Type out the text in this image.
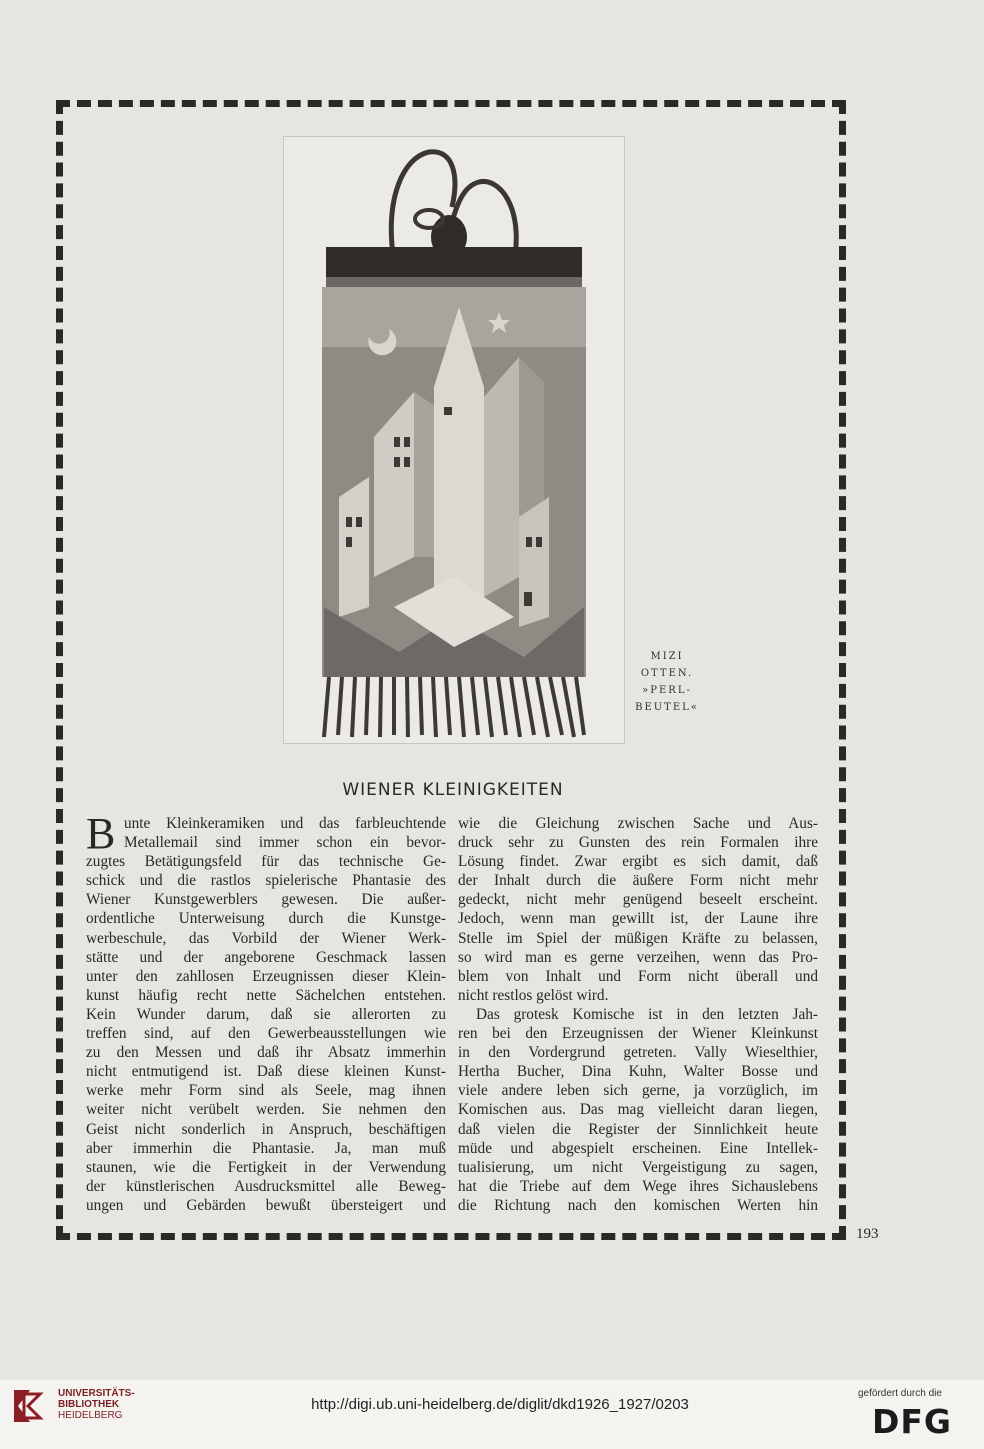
MIZI
OTTEN.
»PERL-
BEUTEL«
WIENER KLEINIGKEITEN
B unte Kleinkeramiken und das farbleuchtende
Metallemail sind immer schon ein bevor-
zugtes Betätigungsfeld für das technische Ge-
schick und die rastlos spielerische Phantasie des
Wiener Kunstgewerblers gewesen. Die außer-
ordentliche Unterweisung durch die Kunstge-
werbeschule, das Vorbild der Wiener Werk-
stätte und der angeborene Geschmack lassen
unter den zahllosen Erzeugnissen dieser Klein-
kunst häufig recht nette Sächelchen entstehen.
Kein Wunder darum, daß sie allerorten zu
treffen sind, auf den Gewerbeausstellungen wie
zu den Messen und daß ihr Absatz immerhin
nicht entmutigend ist. Daß diese kleinen Kunst-
werke mehr Form sind als Seele, mag ihnen
weiter nicht verübelt werden. Sie nehmen den
Geist nicht sonderlich in Anspruch, beschäftigen
aber immerhin die Phantasie. Ja, man muß
staunen, wie die Fertigkeit in der Verwendung
der künstlerischen Ausdrucksmittel alle Beweg-
ungen und Gebärden bewußt übersteigert und
wie die Gleichung zwischen Sache und Aus-
druck sehr zu Gunsten des rein Formalen ihre
Lösung findet. Zwar ergibt es sich damit, daß
der Inhalt durch die äußere Form nicht mehr
gedeckt, nicht mehr genügend beseelt erscheint.
Jedoch, wenn man gewillt ist, der Laune ihre
Stelle im Spiel der müßigen Kräfte zu belassen,
so wird man es gerne verzeihen, wenn das Pro-
blem von Inhalt und Form nicht überall und
nicht restlos gelöst wird.
Das grotesk Komische ist in den letzten Jah-
ren bei den Erzeugnissen der Wiener Kleinkunst
in den Vordergrund getreten. Vally Wieselthier,
Hertha Bucher, Dina Kuhn, Walter Bosse und
viele andere leben sich gerne, ja vorzüglich, im
Komischen aus. Das mag vielleicht daran liegen,
daß vielen die Register der Sinnlichkeit heute
müde und abgespielt erscheinen. Eine Intellek-
tualisierung, um nicht Vergeistigung zu sagen,
hat die Triebe auf dem Wege ihres Sichauslebens
die Richtung nach den komischen Werten hin
193
UNIVERSITÄTS-
BIBLIOTHEK
HEIDELBERG
http://digi.ub.uni-heidelberg.de/diglit/dkd1926_1927/0203
gefördert durch die
DFG
